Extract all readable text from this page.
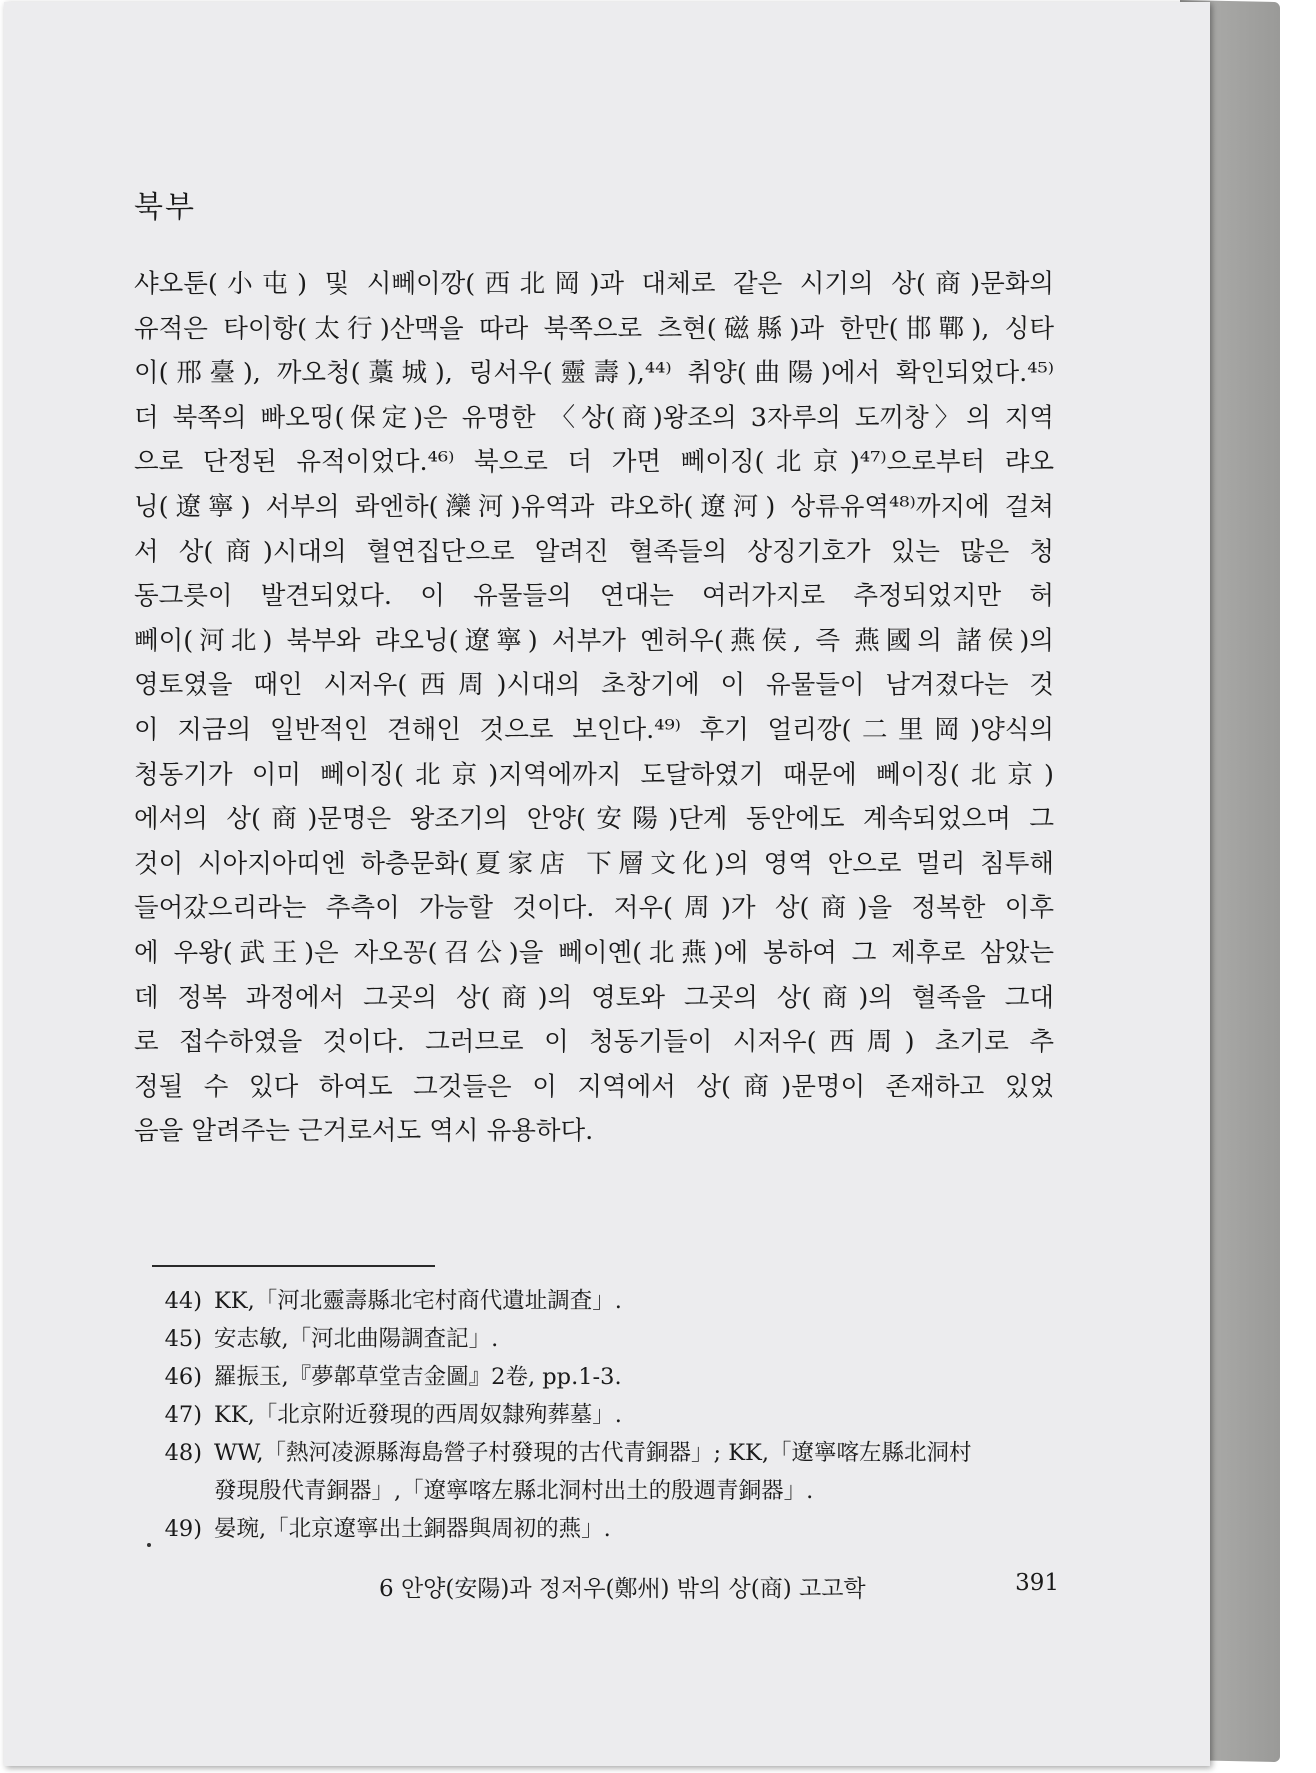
북부
샤오툰(小屯) 및 시뻬이깡(西北岡)과 대체로 같은 시기의 상(商)문화의
유적은 타이항(太行)산맥을 따라 북쪽으로 츠현(磁縣)과 한만(邯鄲), 싱타
이(邢臺), 까오청(藁城), 링서우(靈壽),⁴⁴⁾ 취양(曲陽)에서 확인되었다.⁴⁵⁾
더 북쪽의 빠오띵(保定)은 유명한 〈상(商)왕조의 3자루의 도끼창〉의 지역
으로 단정된 유적이었다.⁴⁶⁾ 북으로 더 가면 뻬이징(北京)⁴⁷⁾으로부터 랴오
닝(遼寧) 서부의 롸엔하(灤河)유역과 랴오하(遼河) 상류유역⁴⁸⁾까지에 걸쳐
서 상(商)시대의 혈연집단으로 알려진 혈족들의 상징기호가 있는 많은 청
동그릇이 발견되었다. 이 유물들의 연대는 여러가지로 추정되었지만 허
뻬이(河北) 북부와 랴오닝(遼寧) 서부가 옌허우(燕侯, 즉 燕國의 諸侯)의
영토였을 때인 시저우(西周)시대의 초창기에 이 유물들이 남겨졌다는 것
이 지금의 일반적인 견해인 것으로 보인다.⁴⁹⁾ 후기 얼리깡(二里岡)양식의
청동기가 이미 뻬이징(北京)지역에까지 도달하였기 때문에 뻬이징(北京)
에서의 상(商)문명은 왕조기의 안양(安陽)단계 동안에도 계속되었으며 그
것이 시아지아띠엔 하층문화(夏家店 下層文化)의 영역 안으로 멀리 침투해
들어갔으리라는 추측이 가능할 것이다. 저우(周)가 상(商)을 정복한 이후
에 우왕(武王)은 자오꽁(召公)을 뻬이옌(北燕)에 봉하여 그 제후로 삼았는
데 정복 과정에서 그곳의 상(商)의 영토와 그곳의 상(商)의 혈족을 그대
로 접수하였을 것이다. 그러므로 이 청동기들이 시저우(西周) 초기로 추
정될 수 있다 하여도 그것들은 이 지역에서 상(商)문명이 존재하고 있었
음을 알려주는 근거로서도 역시 유용하다.
44) KK,「河北靈壽縣北宅村商代遺址調査」.
45) 安志敏,「河北曲陽調査記」.
46) 羅振玉,『夢郼草堂吉金圖』2卷, pp.1-3.
47) KK,「北京附近發現的西周奴隸殉葬墓」.
48) WW,「熱河凌源縣海島營子村發現的古代青銅器」; KK,「遼寧喀左縣北洞村
發現殷代青銅器」,「遼寧喀左縣北洞村出土的殷週青銅器」.
49) 晏琬,「北京遼寧出土銅器與周初的燕」.
6 안양(安陽)과 정저우(鄭州) 밖의 상(商) 고고학	391
